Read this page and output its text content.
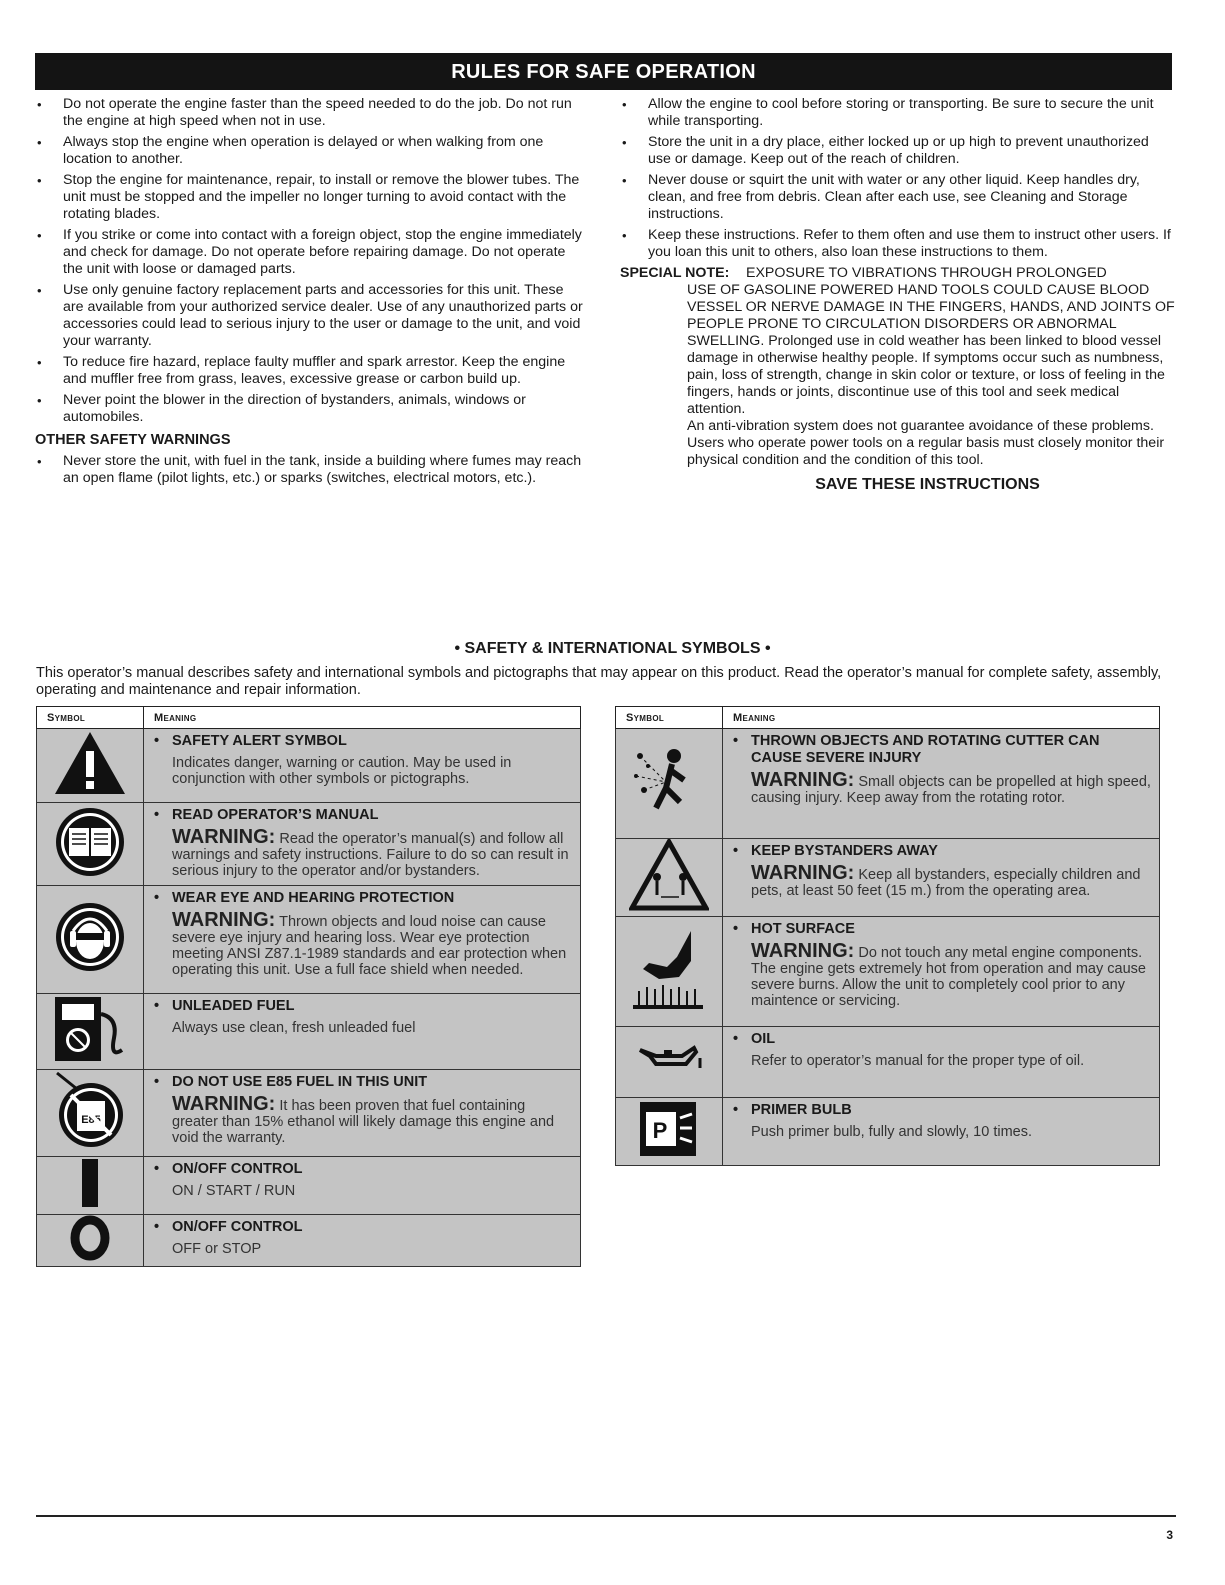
RULES FOR SAFE OPERATION
• Do not operate the engine faster than the speed needed to do the job. Do not run the engine at high speed when not in use.
• Always stop the engine when operation is delayed or when walking from one location to another.
• Stop the engine for maintenance, repair, to install or remove the blower tubes. The unit must be stopped and the impeller no longer turning to avoid contact with the rotating blades.
• If you strike or come into contact with a foreign object, stop the engine immediately and check for damage. Do not operate before repairing damage. Do not operate the unit with loose or damaged parts.
• Use only genuine factory replacement parts and accessories for this unit. These are available from your authorized service dealer. Use of any unauthorized parts or accessories could lead to serious injury to the user or damage to the unit, and void your warranty.
• To reduce fire hazard, replace faulty muffler and spark arrestor. Keep the engine and muffler free from grass, leaves, excessive grease or carbon build up.
• Never point the blower in the direction of bystanders, animals, windows or automobiles.
OTHER SAFETY WARNINGS
• Never store the unit, with fuel in the tank, inside a building where fumes may reach an open flame (pilot lights, etc.) or sparks (switches, electrical motors, etc.).
• Allow the engine to cool before storing or transporting. Be sure to secure the unit while transporting.
• Store the unit in a dry place, either locked up or up high to prevent unauthorized use or damage. Keep out of the reach of children.
• Never douse or squirt the unit with water or any other liquid. Keep handles dry, clean, and free from debris. Clean after each use, see Cleaning and Storage instructions.
• Keep these instructions. Refer to them often and use them to instruct other users. If you loan this unit to others, also loan these instructions to them.
SPECIAL NOTE: EXPOSURE TO VIBRATIONS THROUGH PROLONGED
USE OF GASOLINE POWERED HAND TOOLS COULD CAUSE BLOOD VESSEL OR NERVE DAMAGE IN THE FINGERS, HANDS, AND JOINTS OF PEOPLE PRONE TO CIRCULATION DISORDERS OR ABNORMAL SWELLING. Prolonged use in cold weather has been linked to blood vessel damage in otherwise healthy people. If symptoms occur such as numbness, pain, loss of strength, change in skin color or texture, or loss of feeling in the fingers, hands or joints, discontinue use of this tool and seek medical attention.
An anti-vibration system does not guarantee avoidance of these problems. Users who operate power tools on a regular basis must closely monitor their physical condition and the condition of this tool.
SAVE THESE INSTRUCTIONS
• SAFETY & INTERNATIONAL SYMBOLS •
This operator’s manual describes safety and international symbols and pictographs that may appear on this product. Read the operator’s manual for complete safety, assembly, operating and maintenance and repair information.
Symbol	Meaning

• SAFETY ALERT SYMBOL
Indicates danger, warning or caution. May be used in conjunction with other symbols or pictographs.

• READ OPERATOR’S MANUAL
WARNING: Read the operator’s manual(s) and follow all warnings and safety instructions. Failure to do so can result in serious injury to the operator and/or bystanders.

• WEAR EYE AND HEARING PROTECTION
WARNING: Thrown objects and loud noise can cause severe eye injury and hearing loss. Wear eye protection meeting ANSI Z87.1-1989 standards and ear protection when operating this unit. Use a full face shield when needed.

• UNLEADED FUEL
Always use clean, fresh unleaded fuel

E85	• DO NOT USE E85 FUEL IN THIS UNIT
WARNING: It has been proven that fuel containing greater than 15% ethanol will likely damage this engine and void the warranty.

• ON/OFF CONTROL
ON / START / RUN

• ON/OFF CONTROL
OFF or STOP
Symbol	Meaning

• THROWN OBJECTS AND ROTATING CUTTER CAN CAUSE SEVERE INJURY
WARNING: Small objects can be propelled at high speed, causing injury. Keep away from the rotating rotor.

• KEEP BYSTANDERS AWAY
WARNING: Keep all bystanders, especially children and pets, at least 50 feet (15 m.) from the operating area.

• HOT SURFACE
WARNING: Do not touch any metal engine components. The engine gets extremely hot from operation and may cause severe burns. Allow the unit to completely cool prior to any maintence or servicing.

• OIL
Refer to operator’s manual for the proper type of oil.

P	• PRIMER BULB
Push primer bulb, fully and slowly, 10 times.
3
